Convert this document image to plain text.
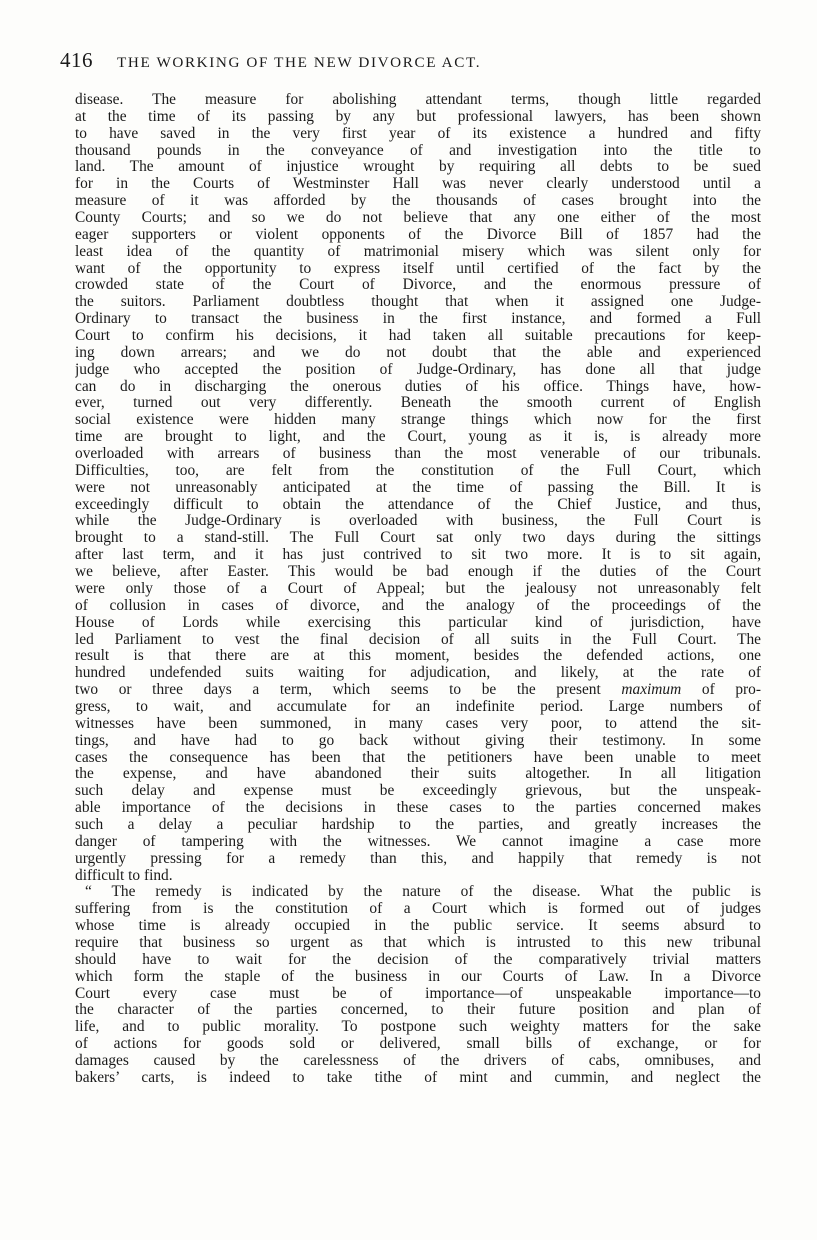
416 THE WORKING OF THE NEW DIVORCE ACT.
disease. The measure for abolishing attendant terms, though little regarded
at the time of its passing by any but professional lawyers, has been shown
to have saved in the very first year of its existence a hundred and fifty
thousand pounds in the conveyance of and investigation into the title to
land. The amount of injustice wrought by requiring all debts to be sued
for in the Courts of Westminster Hall was never clearly understood until a
measure of it was afforded by the thousands of cases brought into the
County Courts; and so we do not believe that any one either of the most
eager supporters or violent opponents of the Divorce Bill of 1857 had the
least idea of the quantity of matrimonial misery which was silent only for
want of the opportunity to express itself until certified of the fact by the
crowded state of the Court of Divorce, and the enormous pressure of
the suitors. Parliament doubtless thought that when it assigned one Judge-
Ordinary to transact the business in the first instance, and formed a Full
Court to confirm his decisions, it had taken all suitable precautions for keep-
ing down arrears; and we do not doubt that the able and experienced
judge who accepted the position of Judge-Ordinary, has done all that judge
can do in discharging the onerous duties of his office. Things have, how-
ever, turned out very differently. Beneath the smooth current of English
social existence were hidden many strange things which now for the first
time are brought to light, and the Court, young as it is, is already more
overloaded with arrears of business than the most venerable of our tribunals.
Difficulties, too, are felt from the constitution of the Full Court, which
were not unreasonably anticipated at the time of passing the Bill. It is
exceedingly difficult to obtain the attendance of the Chief Justice, and thus,
while the Judge-Ordinary is overloaded with business, the Full Court is
brought to a stand-still. The Full Court sat only two days during the sittings
after last term, and it has just contrived to sit two more. It is to sit again,
we believe, after Easter. This would be bad enough if the duties of the Court
were only those of a Court of Appeal; but the jealousy not unreasonably felt
of collusion in cases of divorce, and the analogy of the proceedings of the
House of Lords while exercising this particular kind of jurisdiction, have
led Parliament to vest the final decision of all suits in the Full Court. The
result is that there are at this moment, besides the defended actions, one
hundred undefended suits waiting for adjudication, and likely, at the rate of
two or three days a term, which seems to be the present maximum of pro-
gress, to wait, and accumulate for an indefinite period. Large numbers of
witnesses have been summoned, in many cases very poor, to attend the sit-
tings, and have had to go back without giving their testimony. In some
cases the consequence has been that the petitioners have been unable to meet
the expense, and have abandoned their suits altogether. In all litigation
such delay and expense must be exceedingly grievous, but the unspeak-
able importance of the decisions in these cases to the parties concerned makes
such a delay a peculiar hardship to the parties, and greatly increases the
danger of tampering with the witnesses. We cannot imagine a case more
urgently pressing for a remedy than this, and happily that remedy is not
difficult to find.
“ The remedy is indicated by the nature of the disease. What the public is
suffering from is the constitution of a Court which is formed out of judges
whose time is already occupied in the public service. It seems absurd to
require that business so urgent as that which is intrusted to this new tribunal
should have to wait for the decision of the comparatively trivial matters
which form the staple of the business in our Courts of Law. In a Divorce
Court every case must be of importance—of unspeakable importance—to
the character of the parties concerned, to their future position and plan of
life, and to public morality. To postpone such weighty matters for the sake
of actions for goods sold or delivered, small bills of exchange, or for
damages caused by the carelessness of the drivers of cabs, omnibuses, and
bakers’ carts, is indeed to take tithe of mint and cummin, and neglect the
